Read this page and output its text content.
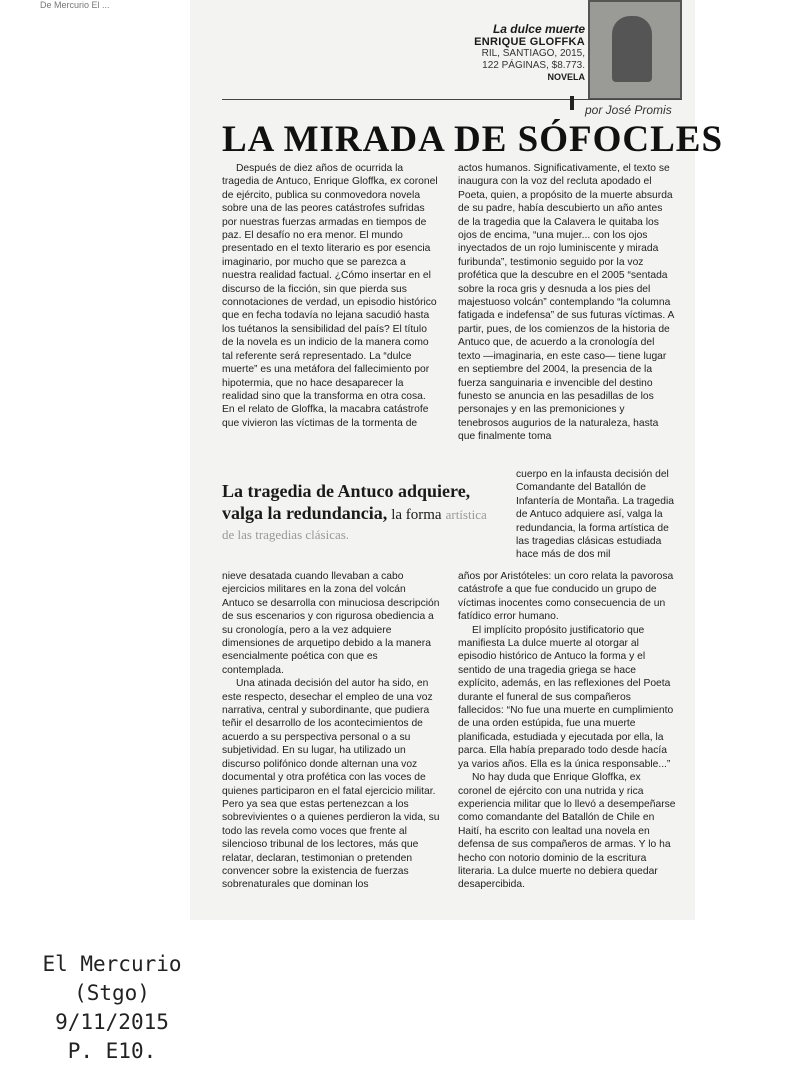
De Mercurio El ...
La dulce muerte
ENRIQUE GLOFFKA
RIL, SANTIAGO, 2015,
122 PÁGINAS, $8.773.
NOVELA
por José Promis
LA MIRADA DE SÓFOCLES

Después de diez años de ocurrida la tragedia de Antuco, Enrique Gloffka, ex coronel de ejército, publica su conmovedora novela sobre una de las peores catástrofes sufridas por nuestras fuerzas armadas en tiempos de paz. El desafío no era menor. El mundo presentado en el texto literario es por esencia imaginario, por mucho que se parezca a nuestra realidad factual. ¿Cómo insertar en el discurso de la ficción, sin que pierda sus connotaciones de verdad, un episodio histórico que en fecha todavía no lejana sacudió hasta los tuétanos la sensibilidad del país? El título de la novela es un indicio de la manera como tal referente será representado. La “dulce muerte” es una metáfora del fallecimiento por hipotermia, que no hace desaparecer la realidad sino que la transforma en otra cosa. En el relato de Gloffka, la macabra catástrofe que vivieron las víctimas de la tormenta de

actos humanos. Significativamente, el texto se inaugura con la voz del recluta apodado el Poeta, quien, a propósito de la muerte absurda de su padre, había descubierto un año antes de la tragedia que la Calavera le quitaba los ojos de encima, “una mujer... con los ojos inyectados de un rojo luminiscente y mirada furibunda”, testimonio seguido por la voz profética que la descubre en el 2005 “sentada sobre la roca gris y desnuda a los pies del majestuoso volcán” contemplando “la columna fatigada e indefensa” de sus futuras víctimas. A partir, pues, de los comienzos de la historia de Antuco que, de acuerdo a la cronología del texto —imaginaria, en este caso— tiene lugar en septiembre del 2004, la presencia de la fuerza sanguinaria e invencible del destino funesto se anuncia en las pesadillas de los personajes y en las premoniciones y tenebrosos augurios de la naturaleza, hasta que finalmente toma

cuerpo en la infausta decisión del Comandante del Batallón de Infantería de Montaña. La tragedia de Antuco adquiere así, valga la redundancia, la forma artística de las tragedias clásicas estudiada hace más de dos mil

La tragedia de Antuco adquiere, valga la redundancia, la forma artística de las tragedias clásicas.

nieve desatada cuando llevaban a cabo ejercicios militares en la zona del volcán Antuco se desarrolla con minuciosa descripción de sus escenarios y con rigurosa obediencia a su cronología, pero a la vez adquiere dimensiones de arquetipo debido a la manera esencialmente poética con que es contemplada.

Una atinada decisión del autor ha sido, en este respecto, desechar el empleo de una voz narrativa, central y subordinante, que pudiera teñir el desarrollo de los acontecimientos de acuerdo a su perspectiva personal o a su subjetividad. En su lugar, ha utilizado un discurso polifónico donde alternan una voz documental y otra profética con las voces de quienes participaron en el fatal ejercicio militar. Pero ya sea que estas pertenezcan a los sobrevivientes o a quienes perdieron la vida, su todo las revela como voces que frente al silencioso tribunal de los lectores, más que relatar, declaran, testimonian o pretenden convencer sobre la existencia de fuerzas sobrenaturales que dominan los

años por Aristóteles: un coro relata la pavorosa catástrofe a que fue conducido un grupo de víctimas inocentes como consecuencia de un fatídico error humano.

El implícito propósito justificatorio que manifiesta La dulce muerte al otorgar al episodio histórico de Antuco la forma y el sentido de una tragedia griega se hace explícito, además, en las reflexiones del Poeta durante el funeral de sus compañeros fallecidos: “No fue una muerte en cumplimiento de una orden estúpida, fue una muerte planificada, estudiada y ejecutada por ella, la parca. Ella había preparado todo desde hacía ya varios años. Ella es la única responsable...”

No hay duda que Enrique Gloffka, ex coronel de ejército con una nutrida y rica experiencia militar que lo llevó a desempeñarse como comandante del Batallón de Chile en Haití, ha escrito con lealtad una novela en defensa de sus compañeros de armas. Y lo ha hecho con notorio dominio de la escritura literaria. La dulce muerte no debiera quedar desapercibida.

El Mercurio
(Stgo)
9/11/2015
P. E10.
